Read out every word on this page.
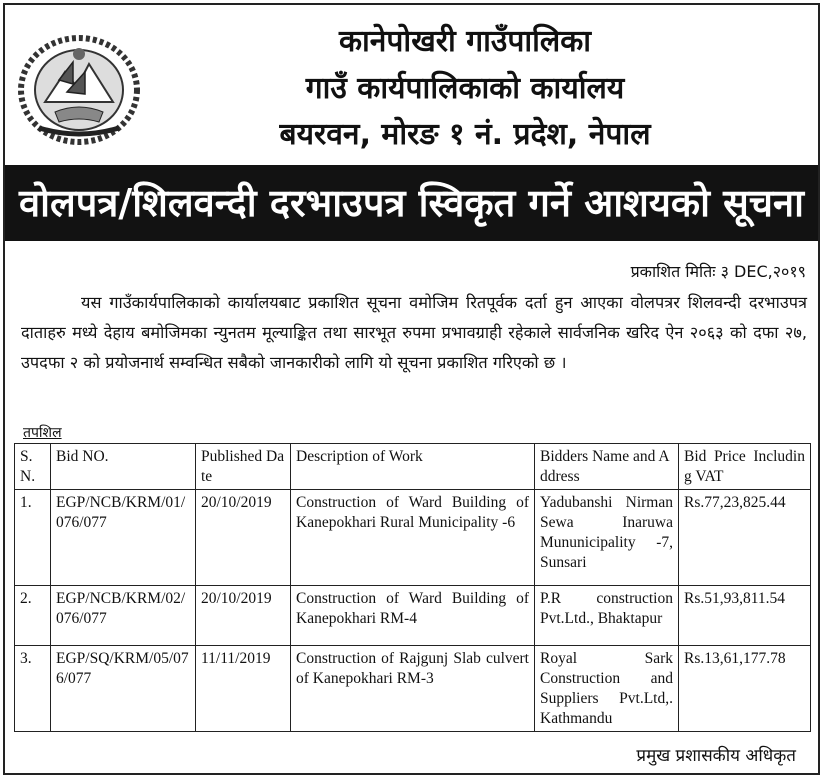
कानेपोखरी गाउँपालिका
गाउँ कार्यपालिकाको कार्यालय
बयरवन, मोरङ १ नं. प्रदेश, नेपाल
वोलपत्र/शिलवन्दी दरभाउपत्र स्विकृत गर्ने आशयको सूचना
प्रकाशित मितिः ३ DEC,२०१९
यस गाउँकार्यपालिकाको कार्यालयबाट प्रकाशित सूचना वमोजिम रितपूर्वक दर्ता हुन आएका वोलपत्रर शिलवन्दी दरभाउपत्र दाताहरु मध्ये देहाय बमोजिमका न्युनतम मूल्याङ्कित तथा सारभूत रुपमा प्रभावग्राही रहेकाले सार्वजनिक खरिद ऐन २०६३ को दफा २७, उपदफा २ को प्रयोजनार्थ सम्वन्धित सबैको जानकारीको लागि यो सूचना प्रकाशित गरिएको छ ।
तपशिल
S. N.	Bid NO.	Published Date	Description of Work	Bidders Name and Address	Bid Price Including VAT
1.	EGP/NCB/KRM/01/076/077	20/10/2019	Construction of Ward Building of Kanepokhari Rural Municipality -6	Yadubanshi Nirman Sewa Inaruwa Mununicipality -7, Sunsari	Rs.77,23,825.44
2.	EGP/NCB/KRM/02/076/077	20/10/2019	Construction of Ward Building of Kanepokhari RM-4	P.R construction Pvt.Ltd., Bhaktapur	Rs.51,93,811.54
3.	EGP/SQ/KRM/05/076/077	11/11/2019	Construction of Rajgunj Slab culvert of Kanepokhari RM-3	Royal Sark Construction and Suppliers Pvt.Ltd,. Kathmandu	Rs.13,61,177.78
प्रमुख प्रशासकीय अधिकृत
